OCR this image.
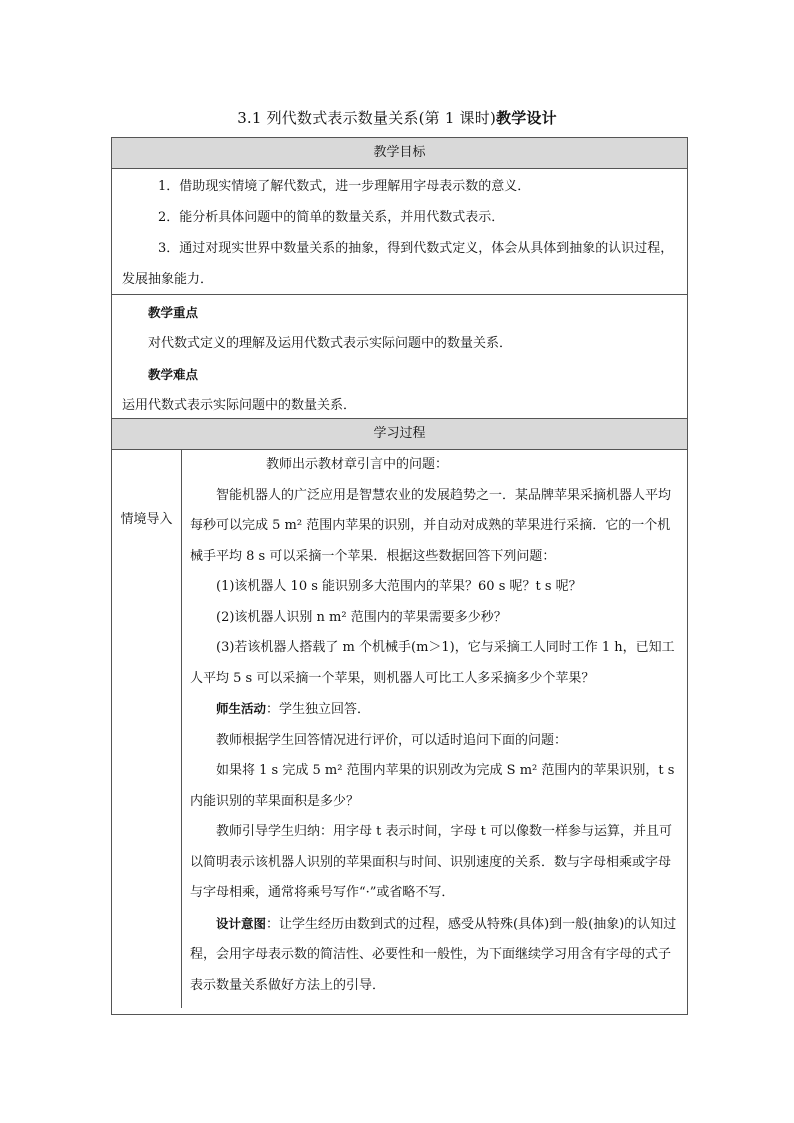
3.1 列代数式表示数量关系(第 1 课时)教学设计
教学目标

1．借助现实情境了解代数式，进一步理解用字母表示数的意义．

2．能分析具体问题中的简单的数量关系，并用代数式表示．

3．通过对现实世界中数量关系的抽象，得到代数式定义，体会从具体到抽象的认识过程，发展抽象能力．

教学重点

对代数式定义的理解及运用代数式表示实际问题中的数量关系．

教学难点

运用代数式表示实际问题中的数量关系．

学习过程
情境导入

教师出示教材章引言中的问题：

智能机器人的广泛应用是智慧农业的发展趋势之一．某品牌苹果采摘机器人平均每秒可以完成 5 m² 范围内苹果的识别，并自动对成熟的苹果进行采摘．它的一个机械手平均 8 s 可以采摘一个苹果．根据这些数据回答下列问题：

(1)该机器人 10 s 能识别多大范围内的苹果？60 s 呢？t s 呢？

(2)该机器人识别 n m² 范围内的苹果需要多少秒？

(3)若该机器人搭载了 m 个机械手(m＞1)，它与采摘工人同时工作 1 h，已知工人平均 5 s 可以采摘一个苹果，则机器人可比工人多采摘多少个苹果？

师生活动：学生独立回答．

教师根据学生回答情况进行评价，可以适时追问下面的问题：

如果将 1 s 完成 5 m² 范围内苹果的识别改为完成 S m² 范围内的苹果识别，t s 内能识别的苹果面积是多少？

教师引导学生归纳：用字母 t 表示时间，字母 t 可以像数一样参与运算，并且可以简明表示该机器人识别的苹果面积与时间、识别速度的关系．数与字母相乘或字母与字母相乘，通常将乘号写作“·”或省略不写．

设计意图：让学生经历由数到式的过程，感受从特殊(具体)到一般(抽象)的认知过程，会用字母表示数的简洁性、必要性和一般性，为下面继续学习用含有字母的式子表示数量关系做好方法上的引导．
